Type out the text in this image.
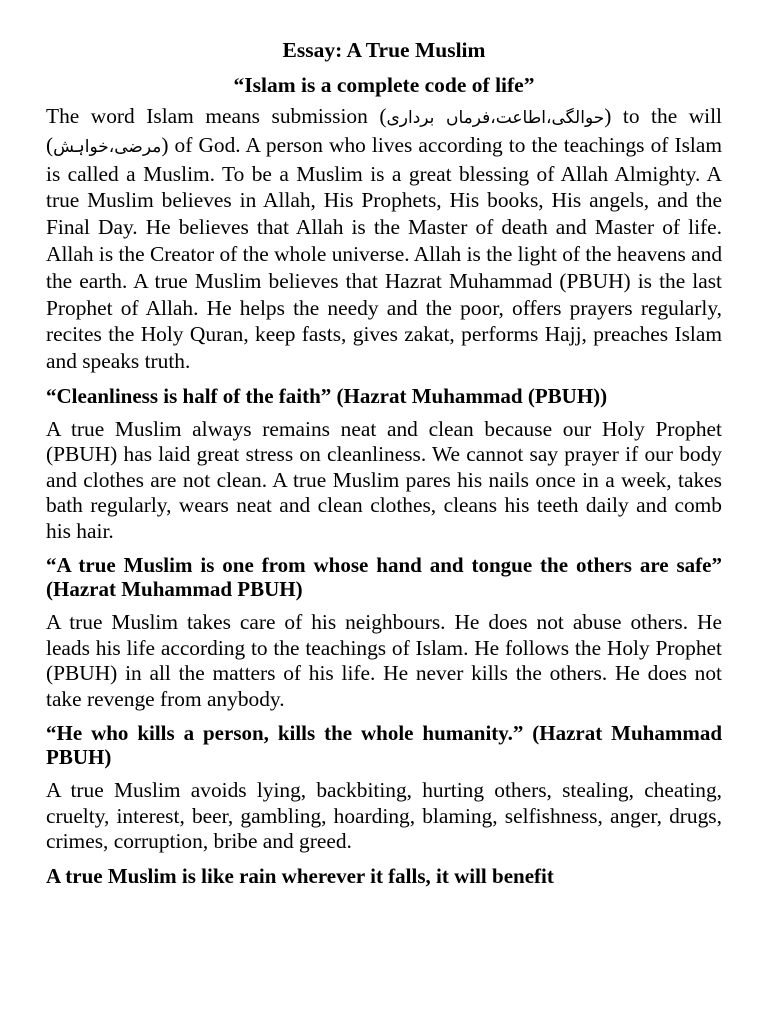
Essay: A True Muslim
“Islam is a complete code of life”

The word Islam means submission (حوالگی،اطاعت،فرماں برداری) to the will (مرضی،خواہش) of God. A person who lives according to the teachings of Islam is called a Muslim. To be a Muslim is a great blessing of Allah Almighty. A true Muslim believes in Allah, His Prophets, His books, His angels, and the Final Day. He believes that Allah is the Master of death and Master of life. Allah is the Creator of the whole universe. Allah is the light of the heavens and the earth. A true Muslim believes that Hazrat Muhammad (PBUH) is the last Prophet of Allah. He helps the needy and the poor, offers prayers regularly, recites the Holy Quran, keep fasts, gives zakat, performs Hajj, preaches Islam and speaks truth.

“Cleanliness is half of the faith” (Hazrat Muhammad (PBUH))

A true Muslim always remains neat and clean because our Holy Prophet (PBUH) has laid great stress on cleanliness. We cannot say prayer if our body and clothes are not clean. A true Muslim pares his nails once in a week, takes bath regularly, wears neat and clean clothes, cleans his teeth daily and comb his hair.

“A true Muslim is one from whose hand and tongue the others are safe” (Hazrat Muhammad PBUH)

A true Muslim takes care of his neighbours. He does not abuse others. He leads his life according to the teachings of Islam. He follows the Holy Prophet (PBUH) in all the matters of his life. He never kills the others. He does not take revenge from anybody.

“He who kills a person, kills the whole humanity.” (Hazrat Muhammad PBUH)

A true Muslim avoids lying, backbiting, hurting others, stealing, cheating, cruelty, interest, beer, gambling, hoarding, blaming, selfishness, anger, drugs, crimes, corruption, bribe and greed.

A true Muslim is like rain wherever it falls, it will benefit
